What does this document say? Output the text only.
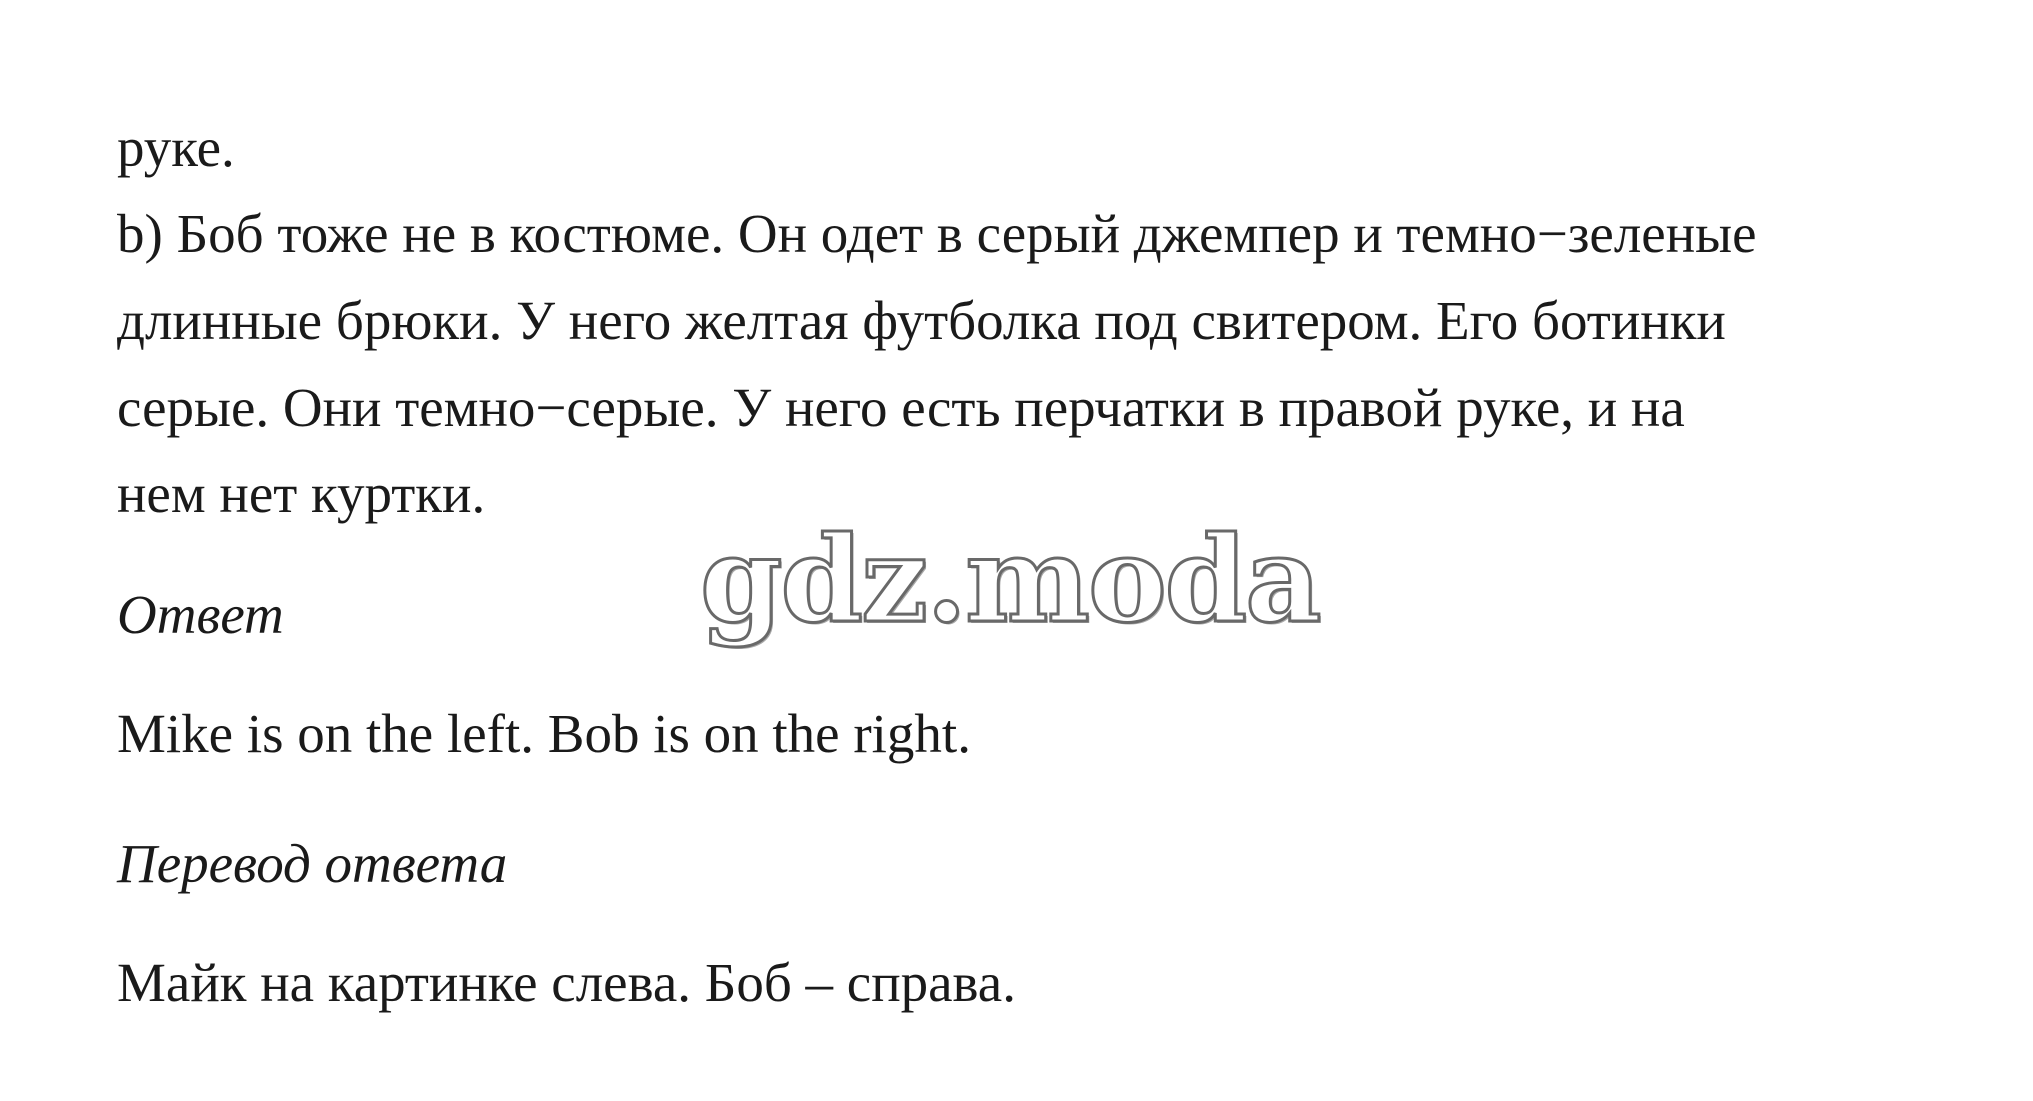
руке.
b) Боб тоже не в костюме. Он одет в серый джемпер и темно−зеленые
длинные брюки. У него желтая футболка под свитером. Его ботинки
серые. Они темно−серые. У него есть перчатки в правой руке, и на
нем нет куртки.
Ответ
Mike is on the left. Bob is on the right.
Перевод ответа
Майк на картинке слева. Боб – справа.
gdz.moda
